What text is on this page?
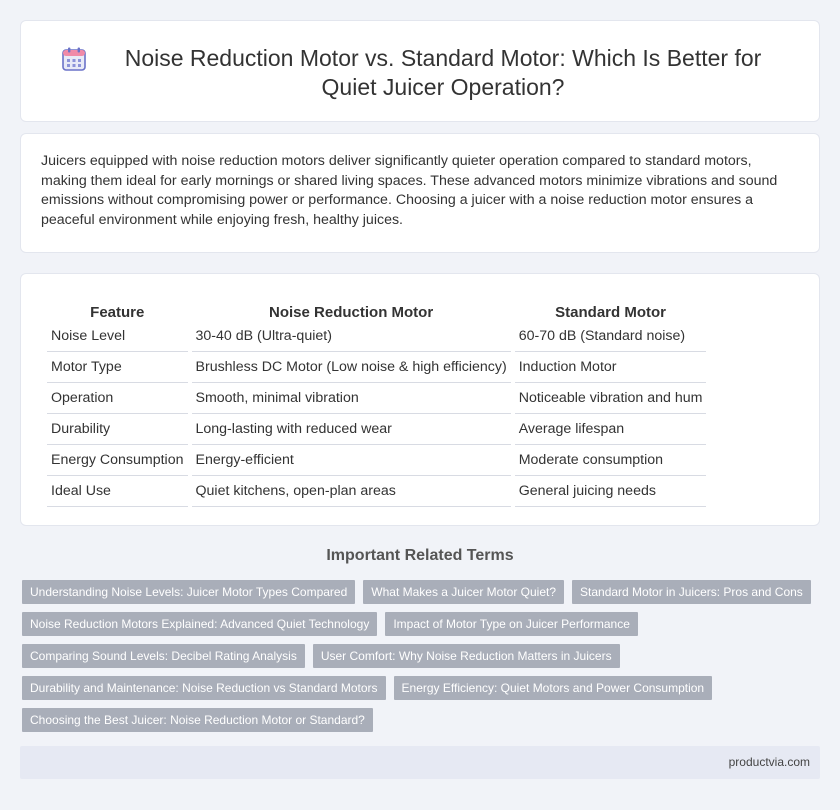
Noise Reduction Motor vs. Standard Motor: Which Is Better for Quiet Juicer Operation?

Juicers equipped with noise reduction motors deliver significantly quieter operation compared to standard motors, making them ideal for early mornings or shared living spaces. These advanced motors minimize vibrations and sound emissions without compromising power or performance. Choosing a juicer with a noise reduction motor ensures a peaceful environment while enjoying fresh, healthy juices.

Feature	Noise Reduction Motor	Standard Motor
Noise Level	30-40 dB (Ultra-quiet)	60-70 dB (Standard noise)
Motor Type	Brushless DC Motor (Low noise & high efficiency)	Induction Motor
Operation	Smooth, minimal vibration	Noticeable vibration and hum
Durability	Long-lasting with reduced wear	Average lifespan
Energy Consumption	Energy-efficient	Moderate consumption
Ideal Use	Quiet kitchens, open-plan areas	General juicing needs
Important Related Terms
Understanding Noise Levels: Juicer Motor Types Compared	What Makes a Juicer Motor Quiet?	Standard Motor in Juicers: Pros and Cons
Noise Reduction Motors Explained: Advanced Quiet Technology	Impact of Motor Type on Juicer Performance
Comparing Sound Levels: Decibel Rating Analysis	User Comfort: Why Noise Reduction Matters in Juicers
Durability and Maintenance: Noise Reduction vs Standard Motors	Energy Efficiency: Quiet Motors and Power Consumption
Choosing the Best Juicer: Noise Reduction Motor or Standard?
productvia.com
